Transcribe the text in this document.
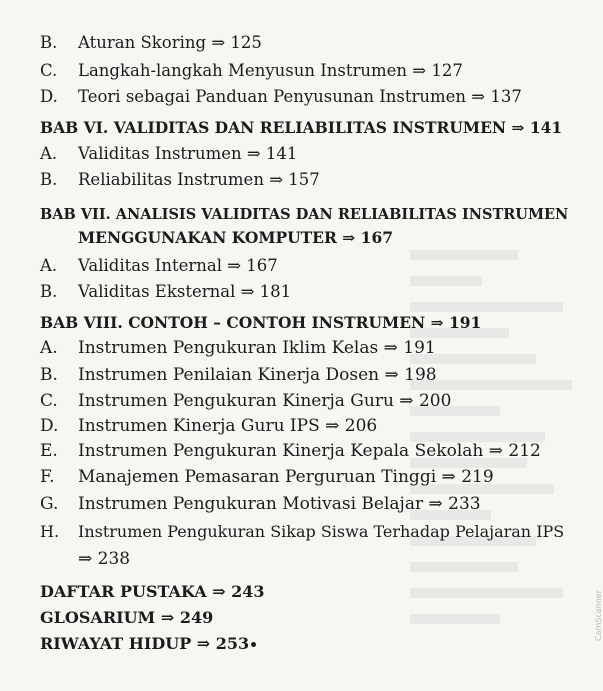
B. Aturan Skoring ⇒ 125
C. Langkah-langkah Menyusun Instrumen ⇒ 127
D. Teori sebagai Panduan Penyusunan Instrumen ⇒ 137
BAB VI. VALIDITAS DAN RELIABILITAS INSTRUMEN ⇒ 141
A. Validitas Instrumen ⇒ 141
B. Reliabilitas Instrumen ⇒ 157
BAB VII. ANALISIS VALIDITAS DAN RELIABILITAS INSTRUMEN
MENGGUNAKAN KOMPUTER ⇒ 167
A. Validitas Internal ⇒ 167
B. Validitas Eksternal ⇒ 181
BAB VIII. CONTOH – CONTOH INSTRUMEN ⇒ 191
A. Instrumen Pengukuran Iklim Kelas ⇒ 191
B. Instrumen Penilaian Kinerja Dosen ⇒ 198
C. Instrumen Pengukuran Kinerja Guru ⇒ 200
D. Instrumen Kinerja Guru IPS ⇒ 206
E. Instrumen Pengukuran Kinerja Kepala Sekolah ⇒ 212
F. Manajemen Pemasaran Perguruan Tinggi ⇒ 219
G. Instrumen Pengukuran Motivasi Belajar ⇒ 233
H. Instrumen Pengukuran Sikap Siswa Terhadap Pelajaran IPS
⇒ 238
DAFTAR PUSTAKA ⇒ 243
GLOSARIUM ⇒ 249
RIWAYAT HIDUP ⇒ 253
CamScanner
